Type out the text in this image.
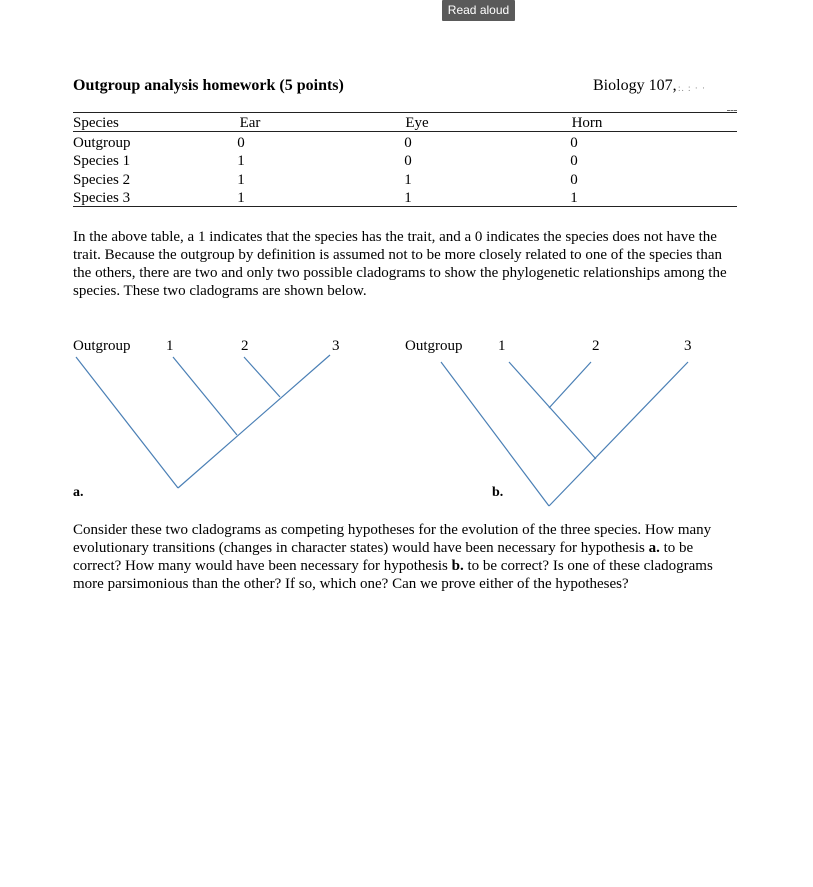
Read aloud
Outgroup analysis homework (5 points)	Biology 107, :. : · ·
Species	Ear	Eye	Horn
Outgroup	0	0	0
Species 1	1	0	0
Species 2	1	1	0
Species 3	1	1	1
In the above table, a 1 indicates that the species has the trait, and a 0 indicates the species does not have the trait. Because the outgroup by definition is assumed not to be more closely related to one of the species than the others, there are two and only two possible cladograms to show the phylogenetic relationships among the species. These two cladograms are shown below.
Outgroup 1	2	3
a.
Outgroup 1	2	3
b.
Consider these two cladograms as competing hypotheses for the evolution of the three species. How many evolutionary transitions (changes in character states) would have been necessary for hypothesis a. to be correct? How many would have been necessary for hypothesis b. to be correct? Is one of these cladograms more parsimonious than the other? If so, which one? Can we prove either of the hypotheses?
